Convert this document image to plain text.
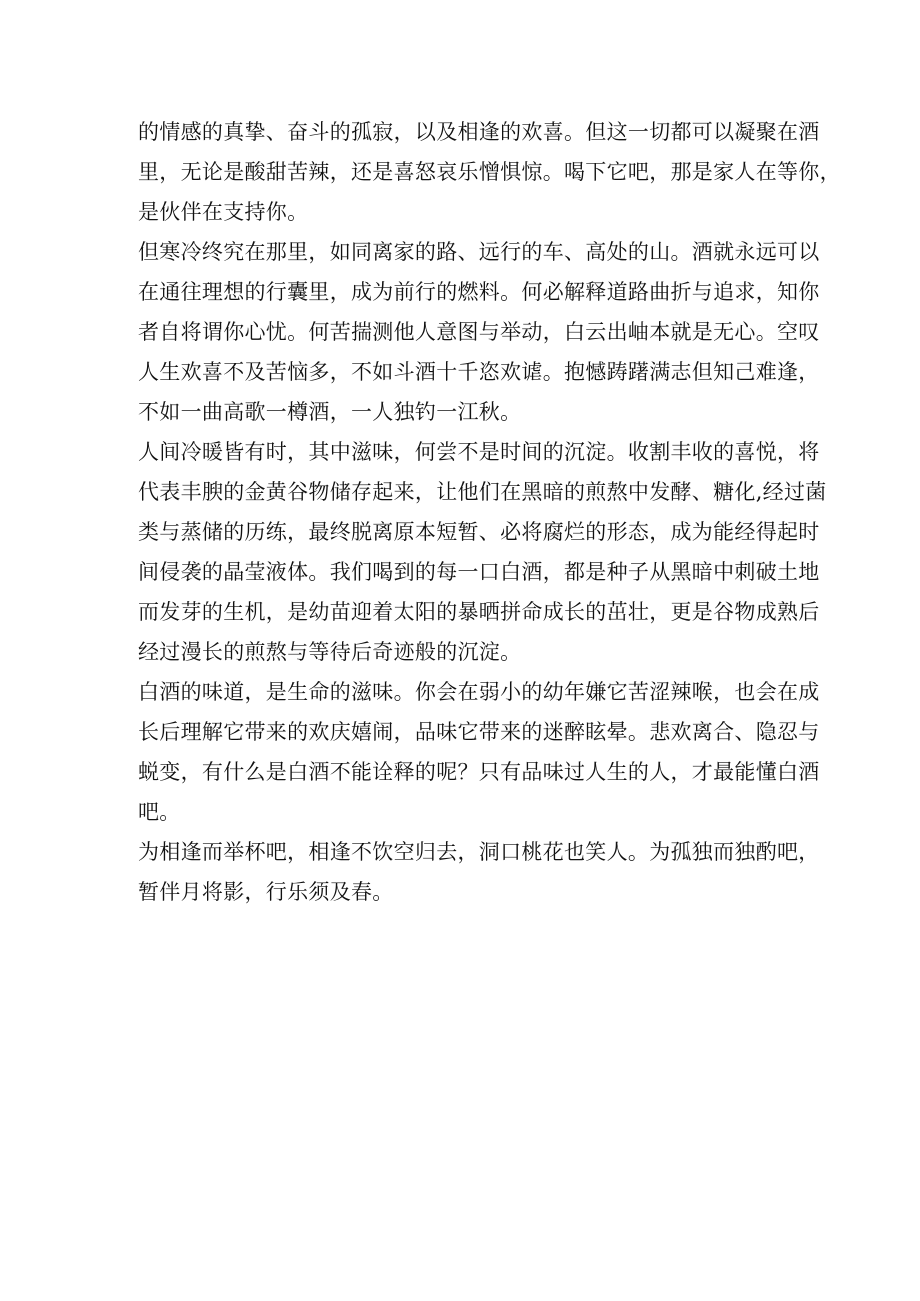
的情感的真挚、奋斗的孤寂，以及相逢的欢喜。但这一切都可以凝聚在酒
里，无论是酸甜苦辣，还是喜怒哀乐憎惧惊。喝下它吧，那是家人在等你，
是伙伴在支持你。

但寒冷终究在那里，如同离家的路、远行的车、高处的山。酒就永远可以
在通往理想的行囊里，成为前行的燃料。何必解释道路曲折与追求，知你
者自将谓你心忧。何苦揣测他人意图与举动，白云出岫本就是无心。空叹
人生欢喜不及苦恼多，不如斗酒十千恣欢谑。抱憾踌躇满志但知己难逢，
不如一曲高歌一樽酒，一人独钓一江秋。

人间冷暖皆有时，其中滋味，何尝不是时间的沉淀。收割丰收的喜悦，将
代表丰腴的金黄谷物储存起来，让他们在黑暗的煎熬中发酵、糖化,经过菌
类与蒸储的历练，最终脱离原本短暂、必将腐烂的形态，成为能经得起时
间侵袭的晶莹液体。我们喝到的每一口白酒，都是种子从黑暗中刺破土地
而发芽的生机，是幼苗迎着太阳的暴晒拼命成长的茁壮，更是谷物成熟后
经过漫长的煎熬与等待后奇迹般的沉淀。

白酒的味道，是生命的滋味。你会在弱小的幼年嫌它苦涩辣喉，也会在成
长后理解它带来的欢庆嬉闹，品味它带来的迷醉眩晕。悲欢离合、隐忍与
蜕变，有什么是白酒不能诠释的呢？只有品味过人生的人，才最能懂白酒
吧。

为相逢而举杯吧，相逢不饮空归去，洞口桃花也笑人。为孤独而独酌吧，
暂伴月将影，行乐须及春。
